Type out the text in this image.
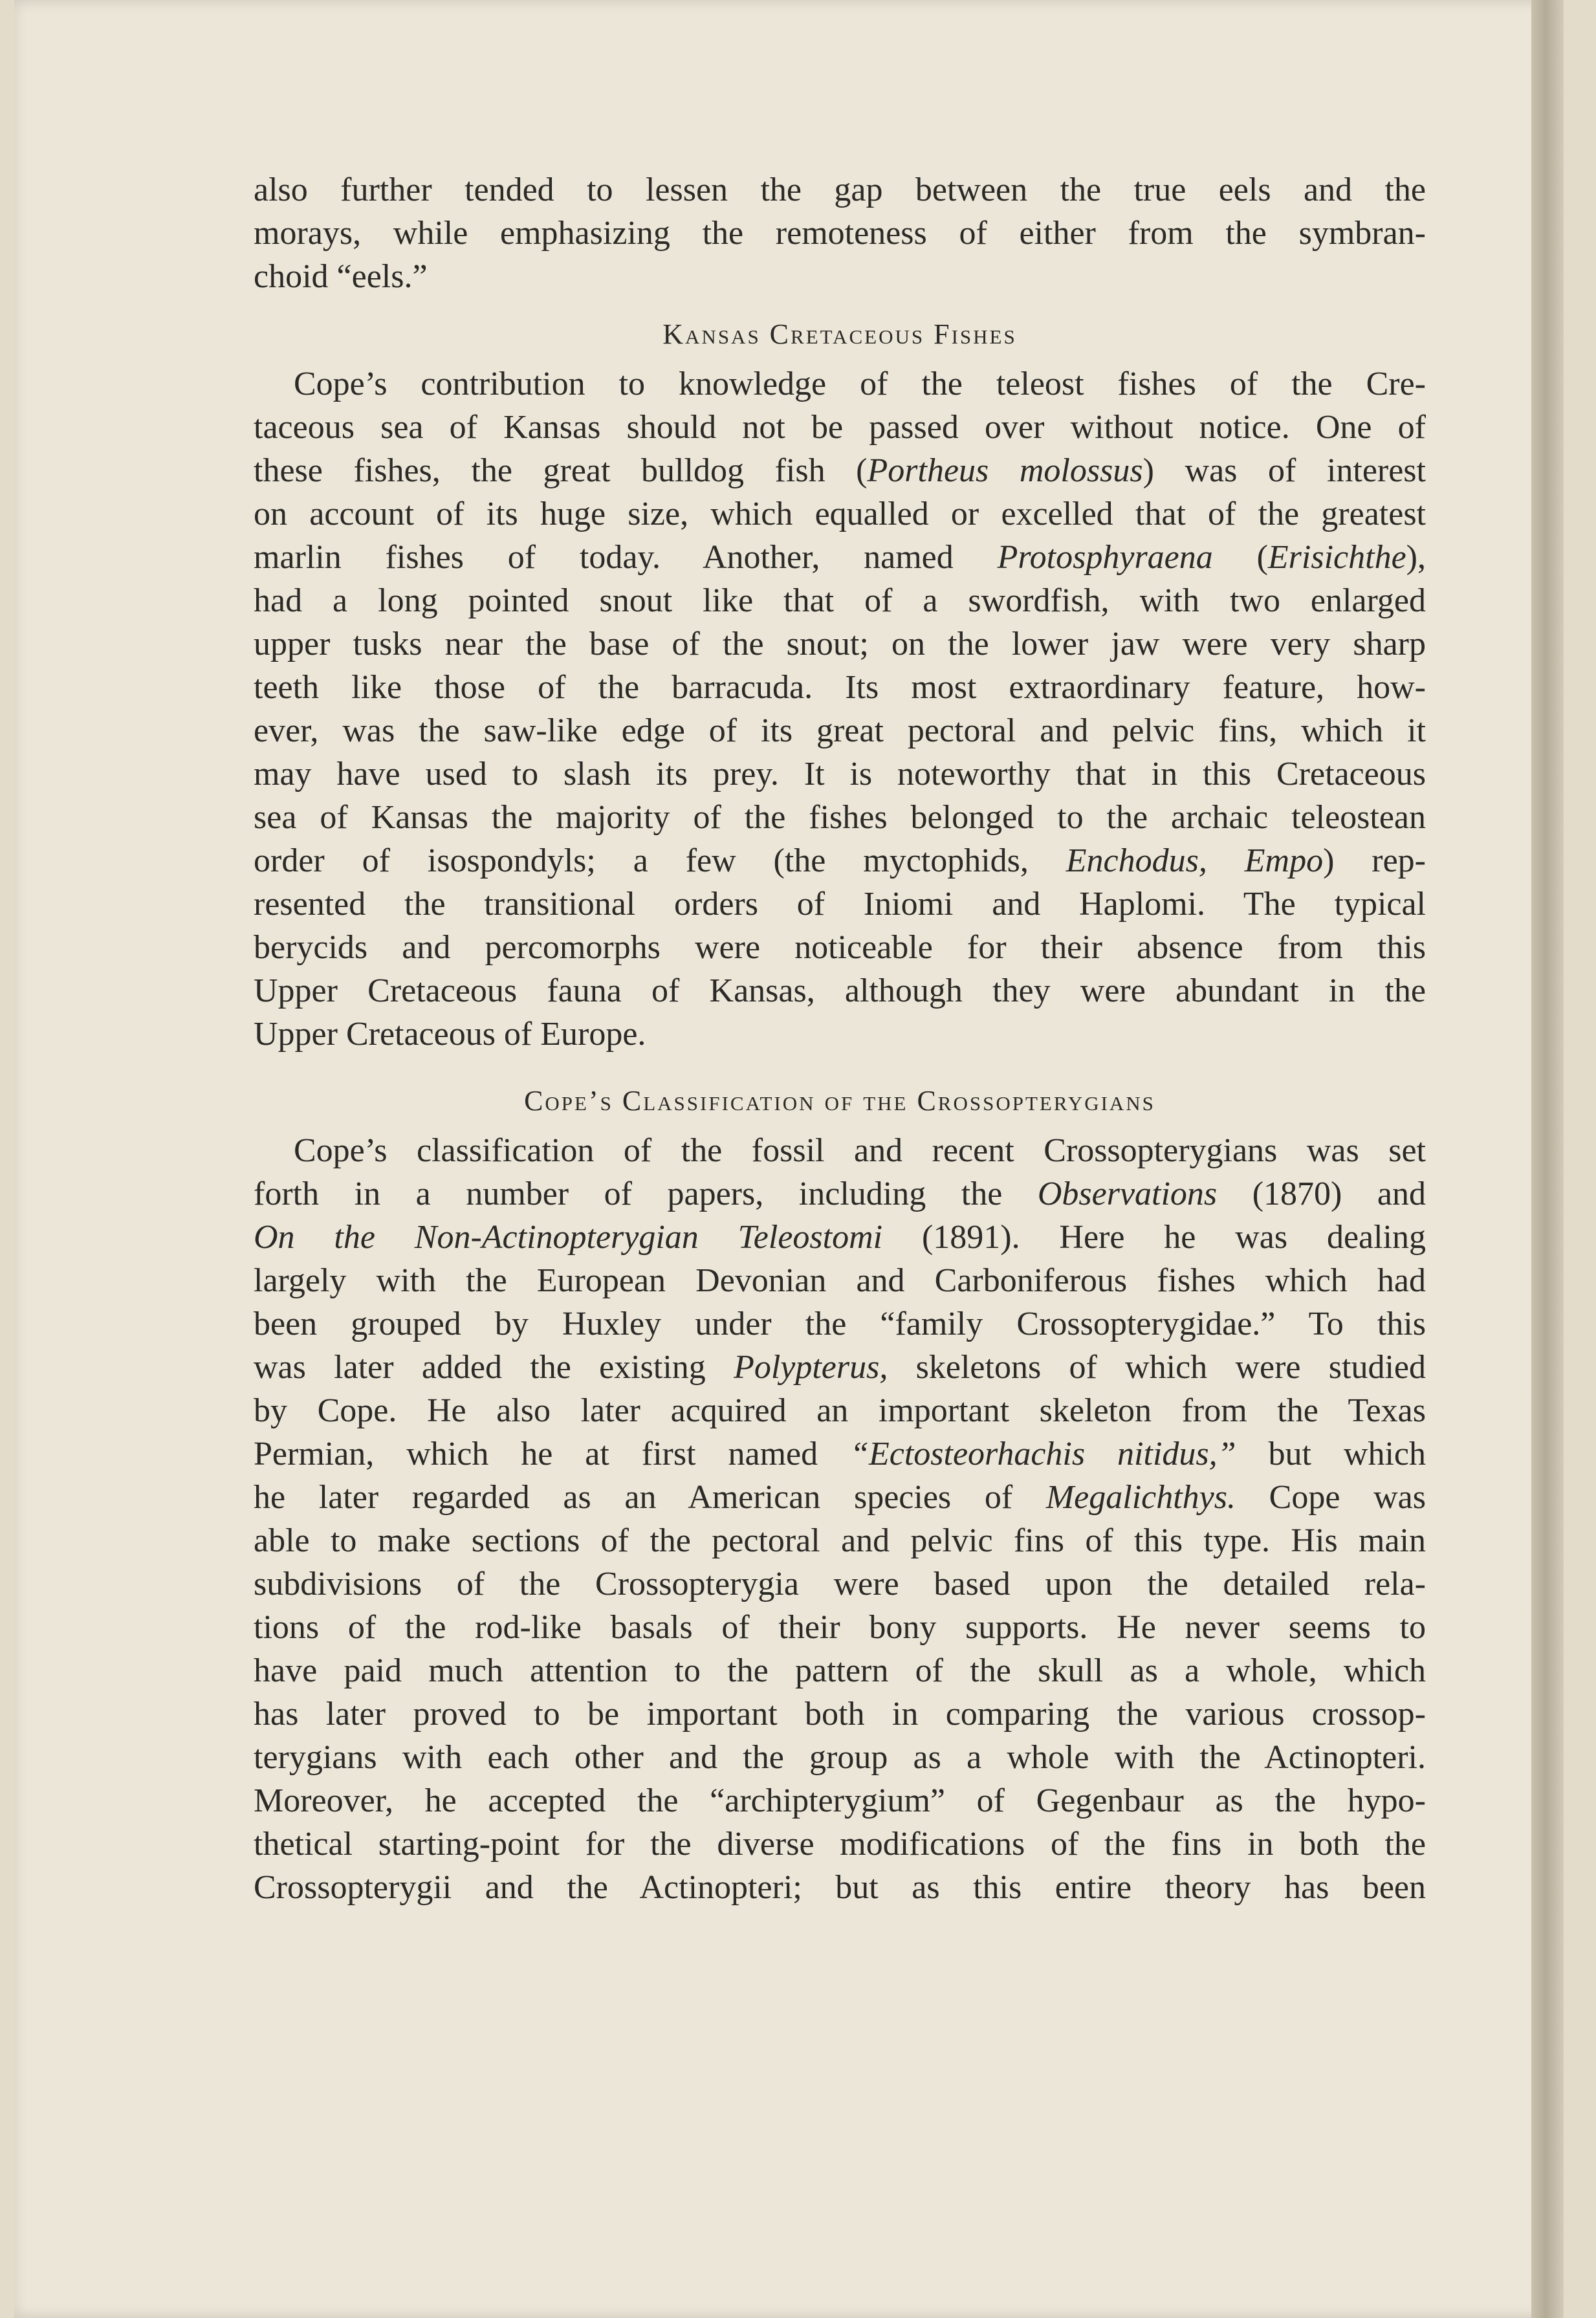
also further tended to lessen the gap between the true eels and the
morays, while emphasizing the remoteness of either from the symbran-
choid “eels.”
Kansas Cretaceous Fishes
Cope’s contribution to knowledge of the teleost fishes of the Cre-
taceous sea of Kansas should not be passed over without notice. One of
these fishes, the great bulldog fish (Portheus molossus) was of interest
on account of its huge size, which equalled or excelled that of the greatest
marlin fishes of today. Another, named Protosphyraena (Erisichthe),
had a long pointed snout like that of a swordfish, with two enlarged
upper tusks near the base of the snout; on the lower jaw were very sharp
teeth like those of the barracuda. Its most extraordinary feature, how-
ever, was the saw-like edge of its great pectoral and pelvic fins, which it
may have used to slash its prey. It is noteworthy that in this Cretaceous
sea of Kansas the majority of the fishes belonged to the archaic teleostean
order of isospondyls; a few (the myctophids, Enchodus, Empo) rep-
resented the transitional orders of Iniomi and Haplomi. The typical
berycids and percomorphs were noticeable for their absence from this
Upper Cretaceous fauna of Kansas, although they were abundant in the
Upper Cretaceous of Europe.
Cope’s Classification of the Crossopterygians
Cope’s classification of the fossil and recent Crossopterygians was set
forth in a number of papers, including the Observations (1870) and
On the Non-Actinopterygian Teleostomi (1891). Here he was dealing
largely with the European Devonian and Carboniferous fishes which had
been grouped by Huxley under the “family Crossopterygidae.” To this
was later added the existing Polypterus, skeletons of which were studied
by Cope. He also later acquired an important skeleton from the Texas
Permian, which he at first named “Ectosteorhachis nitidus,” but which
he later regarded as an American species of Megalichthys. Cope was
able to make sections of the pectoral and pelvic fins of this type. His main
subdivisions of the Crossopterygia were based upon the detailed rela-
tions of the rod-like basals of their bony supports. He never seems to
have paid much attention to the pattern of the skull as a whole, which
has later proved to be important both in comparing the various crossop-
terygians with each other and the group as a whole with the Actinopteri.
Moreover, he accepted the “archipterygium” of Gegenbaur as the hypo-
thetical starting-point for the diverse modifications of the fins in both the
Crossopterygii and the Actinopteri; but as this entire theory has been
